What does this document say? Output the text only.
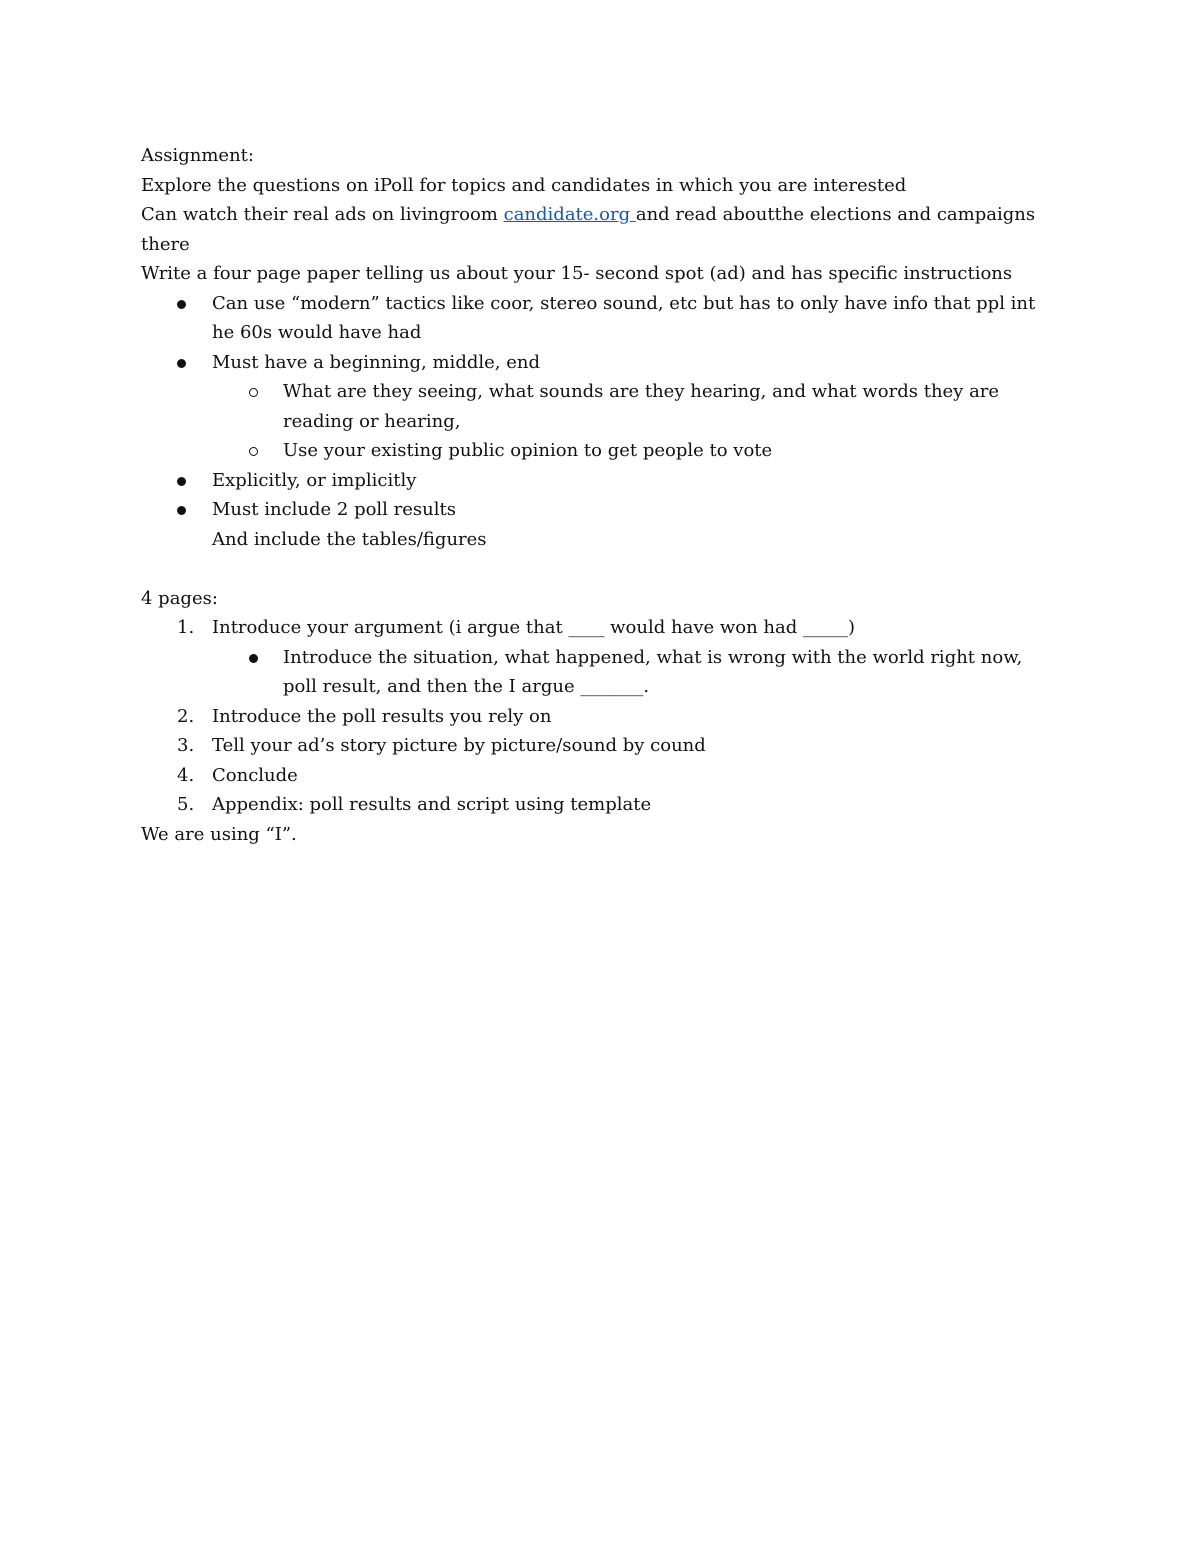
Assignment:

Explore the questions on iPoll for topics and candidates in which you are interested

Can watch their real ads on livingroom candidate.org and read aboutthe elections and campaigns there

Write a four page paper telling us about your 15- second spot (ad) and has specific instructions

Can use “modern” tactics like coor, stereo sound, etc but has to only have info that ppl int he 60s would have had
Must have a beginning, middle, end
What are they seeing, what sounds are they hearing, and what words they are reading or hearing,
Use your existing public opinion to get people to vote
Explicitly, or implicitly
Must include 2 poll results

And include the tables/figures

4 pages:

1. Introduce your argument (i argue that ____ would have won had _____)
Introduce the situation, what happened, what is wrong with the world right now, poll result, and then the I argue _______.
2. Introduce the poll results you rely on
3. Tell your ad’s story picture by picture/sound by cound
4. Conclude
5. Appendix: poll results and script using template

We are using “I”.
